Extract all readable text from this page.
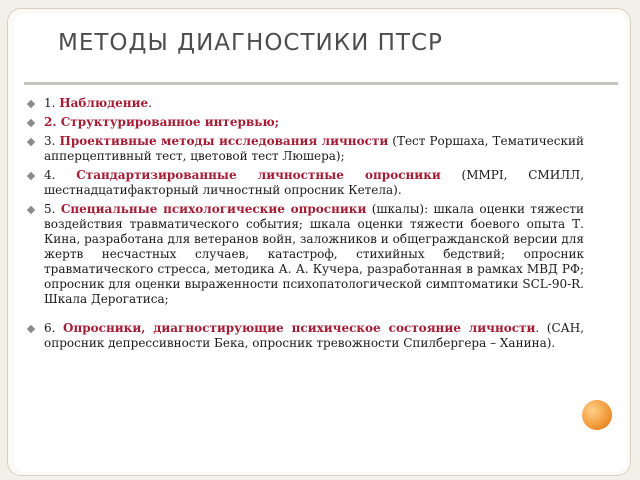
МЕТОДЫ ДИАГНОСТИКИ ПТСР
1. Наблюдение.
2. Структурированное интервью;
3. Проективные методы исследования личности (Тест Роршаха, Тематический апперцептивный тест, цветовой тест Люшера);
4. Стандартизированные личностные опросники (MMPI, СМИЛЛ, шестнадцатифакторный личностный опросник Кетела).
5. Специальные психологические опросники (шкалы): шкала оценки тяжести воздействия травматического события; шкала оценки тяжести боевого опыта Т. Кина, разработана для ветеранов войн, заложников и общегражданской версии для жертв несчастных случаев, катастроф, стихийных бедствий; опросник травматического стресса, методика А. А. Кучера, разработанная в рамках МВД РФ; опросник для оценки выраженности психопатологической симптоматики SCL-90-R. Шкала Дерогатиса;
6. Опросники, диагностирующие психическое состояние личности. (САН, опросник депрессивности Бека, опросник тревожности Спилбергера – Ханина).
